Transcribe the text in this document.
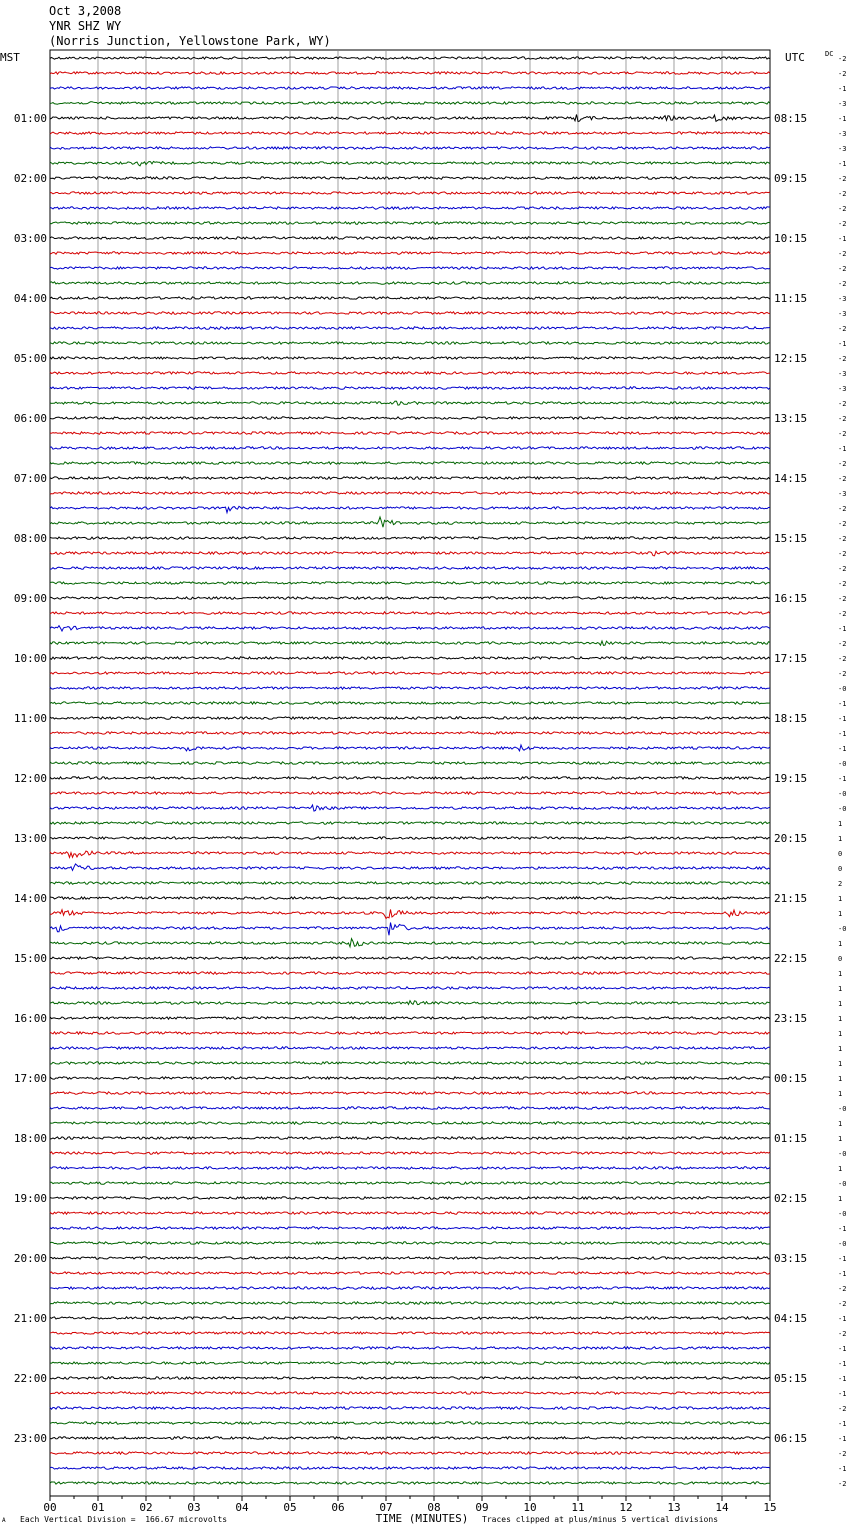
Oct 3,2008
YNR SHZ WY
(Norris Junction, Yellowstone Park, WY)
00	01	02	03	04	05	06	07	08	09	10	11	12	13	14	15
TIME (MINUTES)
MST	UTC	DC
01:00
02:00
03:00
04:00
05:00
06:00
07:00
08:00
09:00
10:00
11:00
12:00
13:00
14:00
15:00
16:00
17:00
18:00
19:00
20:00
21:00
22:00
23:00
08:15
09:15
10:15
11:15
12:15
13:15
14:15
15:15
16:15
17:15
18:15
19:15
20:15
21:15
22:15
23:15
00:15
01:15
02:15
03:15
04:15
05:15
06:15
-2
-2
-1
-3
-1
-3
-3
-1
-2
-2
-2
-2
-1
-2
-2
-2
-3
-3
-2
-1
-2
-3
-3
-2
-2
-2
-1
-2
-2
-3
-2
-2
-2
-2
-2
-2
-2
-2
-1
-2
-2
-2
-0
-1
-1
-1
-1
-0
-1
-0
-0
1
1
0
0
2
1
1
-0
1
0
1
1
1
1
1
1
1
1
1
-0
1
1
-0
1
-0
1
-0
-1
-0
-1
-1
-2
-2
-1
-2
-1
-1
-1
-1
-2
-1
-1
-2
-1
-2
Each Vertical Division =  166.67 microvolts	Traces clipped at plus/minus 5 vertical divisions
A
